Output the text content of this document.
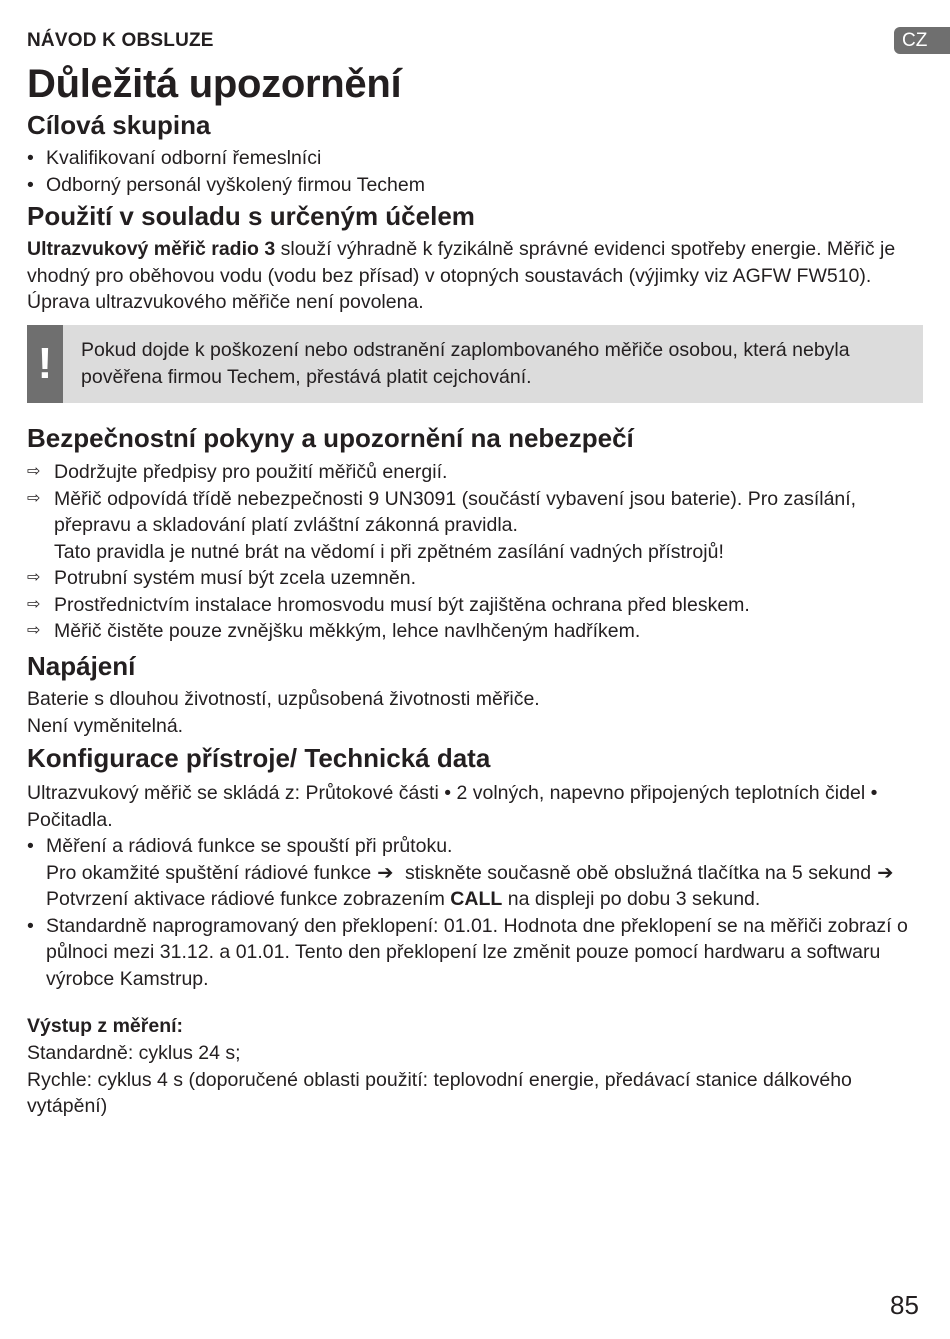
NÁVOD K OBSLUZE	CZ
Důležitá upozornění
Cílová skupina
• Kvalifikovaní odborní řemeslníci
• Odborný personál vyškolený firmou Techem
Použití v souladu s určeným účelem

Ultrazvukový měřič radio 3 slouží výhradně k fyzikálně správné evidenci spotřeby energie. Měřič je vhodný pro oběhovou vodu (vodu bez přísad) v otopných soustavách (výjimky viz AGFW FW510). Úprava ultrazvukového měřiče není povolena.

!	Pokud dojde k poškození nebo odstranění zaplombovaného měřiče osobou, která nebyla pověřena firmou Techem, přestává platit cejchování.
Bezpečnostní pokyny a upozornění na nebezpečí
⇨ Dodržujte předpisy pro použití měřičů energií.
⇨ Měřič odpovídá třídě nebezpečnosti 9 UN3091 (součástí vybavení jsou baterie). Pro zasílání, přepravu a skladování platí zvláštní zákonná pravidla.
Tato pravidla je nutné brát na vědomí i při zpětném zasílání vadných přístrojů!
⇨ Potrubní systém musí být zcela uzemněn.
⇨ Prostřednictvím instalace hromosvodu musí být zajištěna ochrana před bleskem.
⇨ Měřič čistěte pouze zvnějšku měkkým, lehce navlhčeným hadříkem.
Napájení

Baterie s dlouhou životností, uzpůsobená životnosti měřiče.
Není vyměnitelná.

Konfigurace přístroje/ Technická data

Ultrazvukový měřič se skládá z: Průtokové části • 2 volných, napevno připojených teplotních čidel • Počitadla.

• Měření a rádiová funkce se spouští při průtoku.
Pro okamžité spuštění rádiové funkce ➔ stiskněte současně obě obslužná tlačítka na 5 sekund ➔ Potvrzení aktivace rádiové funkce zobrazením CALL na displeji po dobu 3 sekund.
• Standardně naprogramovaný den překlopení: 01.01. Hodnota dne překlopení se na měřiči zobrazí o půlnoci mezi 31.12. a 01.01. Tento den překlopení lze změnit pouze pomocí hardwaru a softwaru výrobce Kamstrup.

Výstup z měření:

Standardně: cyklus 24 s;
Rychle: cyklus 4 s (doporučené oblasti použití: teplovodní energie, předávací stanice dálkového vytápění)

85
